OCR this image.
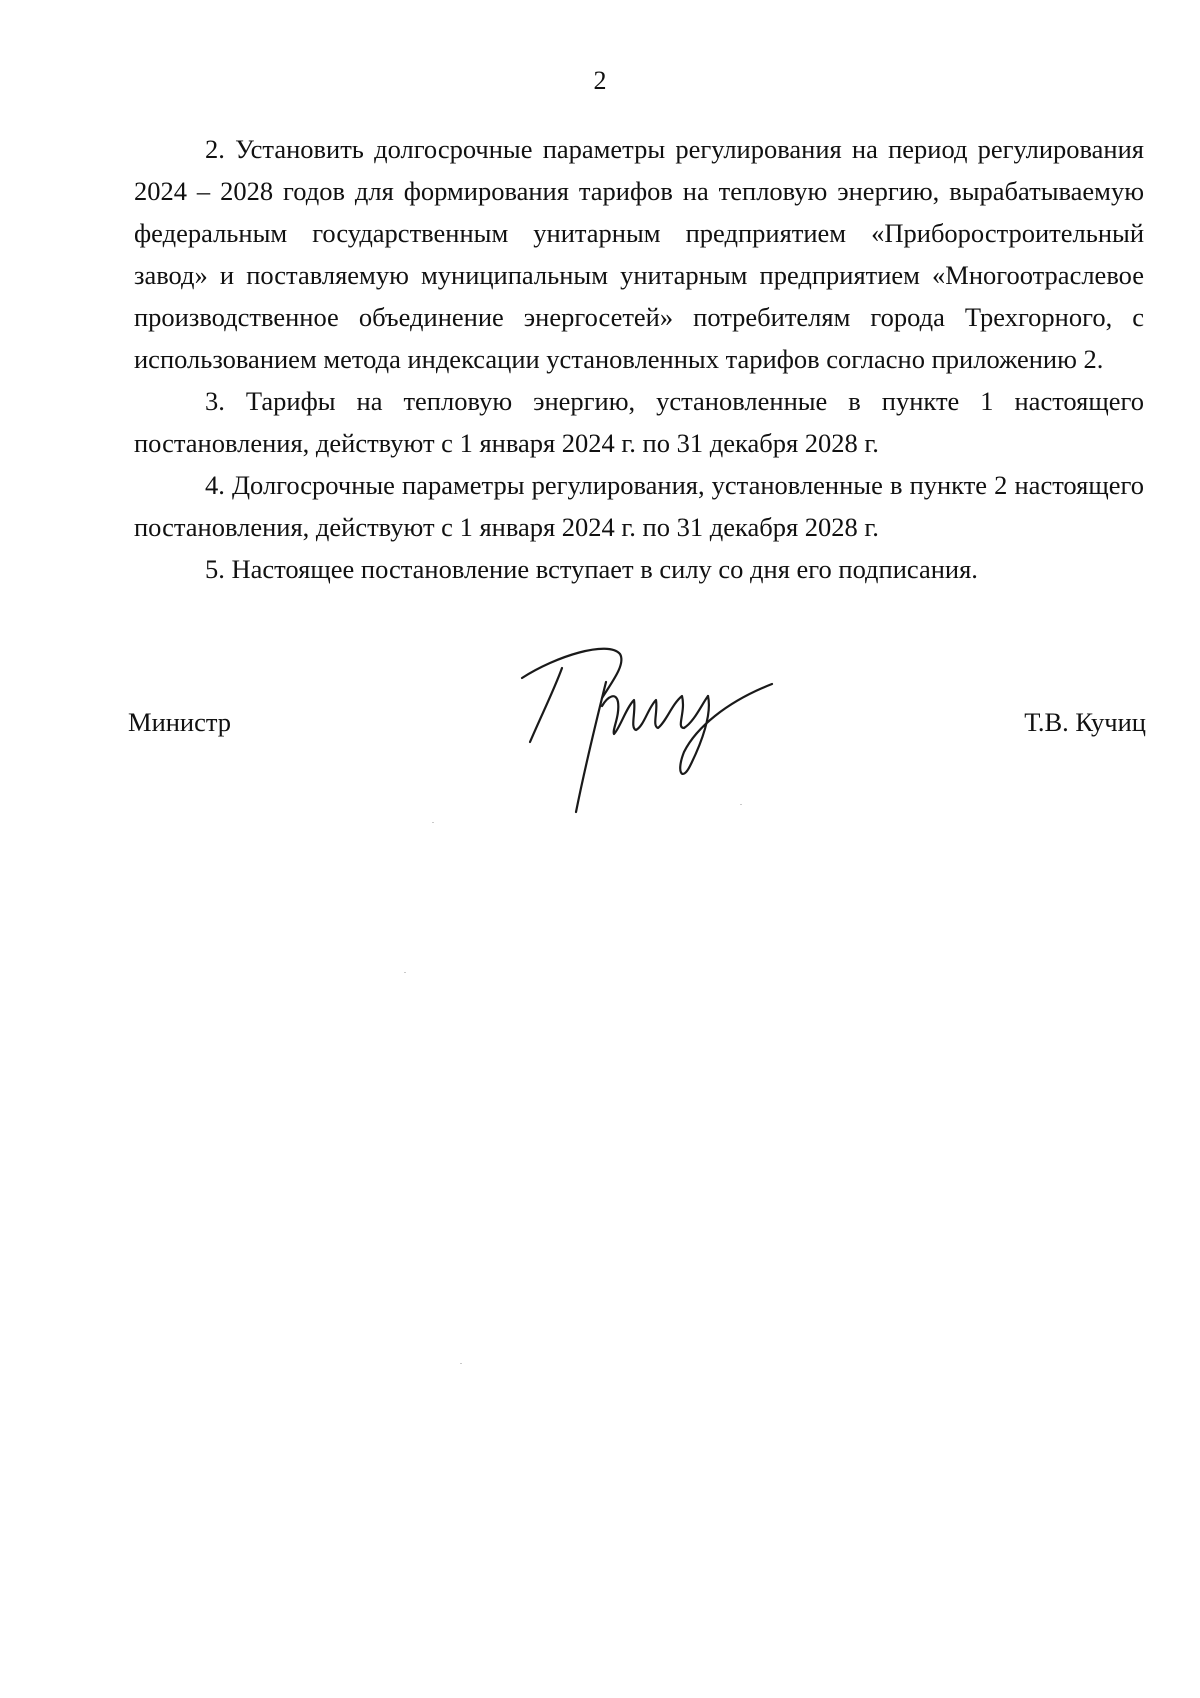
2

2. Установить долгосрочные параметры регулирования на период регулирования 2024 – 2028 годов для формирования тарифов на тепловую энергию, вырабатываемую федеральным государственным унитарным предприятием «Приборостроительный завод» и поставляемую муниципальным унитарным предприятием «Многоотраслевое производственное объединение энергосетей» потребителям города Трехгорного, с использованием метода индексации установленных тарифов согласно приложению 2.

3. Тарифы на тепловую энергию, установленные в пункте 1 настоящего постановления, действуют с 1 января 2024 г. по 31 декабря 2028 г.

4. Долгосрочные параметры регулирования, установленные в пункте 2 настоящего постановления, действуют с 1 января 2024 г. по 31 декабря 2028 г.

5. Настоящее постановление вступает в силу со дня его подписания.

Министр	Т.В. Кучиц
